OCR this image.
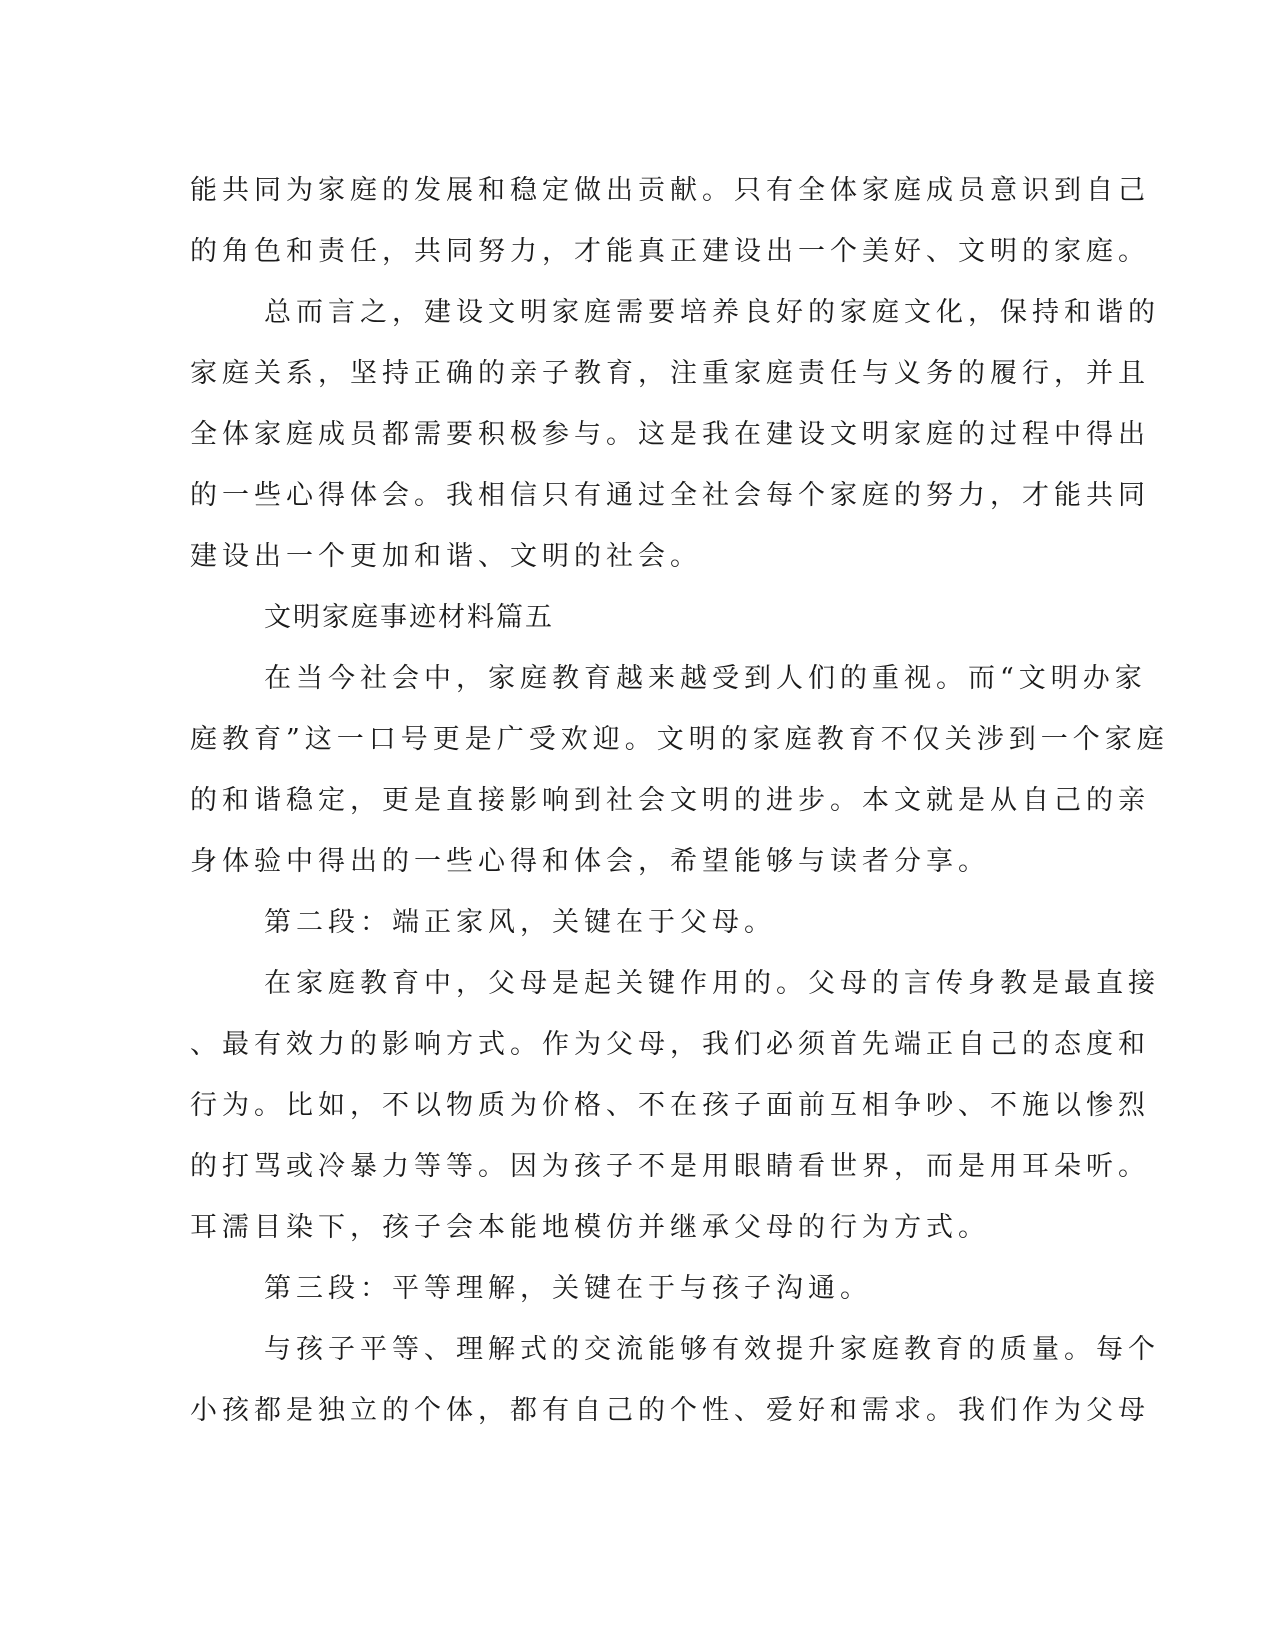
能共同为家庭的发展和稳定做出贡献。只有全体家庭成员意识到自己
的角色和责任，共同努力，才能真正建设出一个美好、文明的家庭。
总而言之，建设文明家庭需要培养良好的家庭文化，保持和谐的
家庭关系，坚持正确的亲子教育，注重家庭责任与义务的履行，并且
全体家庭成员都需要积极参与。这是我在建设文明家庭的过程中得出
的一些心得体会。我相信只有通过全社会每个家庭的努力，才能共同
建设出一个更加和谐、文明的社会。
文明家庭事迹材料篇五
在当今社会中，家庭教育越来越受到人们的重视。而“文明办家
庭教育”这一口号更是广受欢迎。文明的家庭教育不仅关涉到一个家庭
的和谐稳定，更是直接影响到社会文明的进步。本文就是从自己的亲
身体验中得出的一些心得和体会，希望能够与读者分享。
第二段：端正家风，关键在于父母。
在家庭教育中，父母是起关键作用的。父母的言传身教是最直接
、最有效力的影响方式。作为父母，我们必须首先端正自己的态度和
行为。比如，不以物质为价格、不在孩子面前互相争吵、不施以惨烈
的打骂或冷暴力等等。因为孩子不是用眼睛看世界，而是用耳朵听。
耳濡目染下，孩子会本能地模仿并继承父母的行为方式。
第三段：平等理解，关键在于与孩子沟通。
与孩子平等、理解式的交流能够有效提升家庭教育的质量。每个
小孩都是独立的个体，都有自己的个性、爱好和需求。我们作为父母
